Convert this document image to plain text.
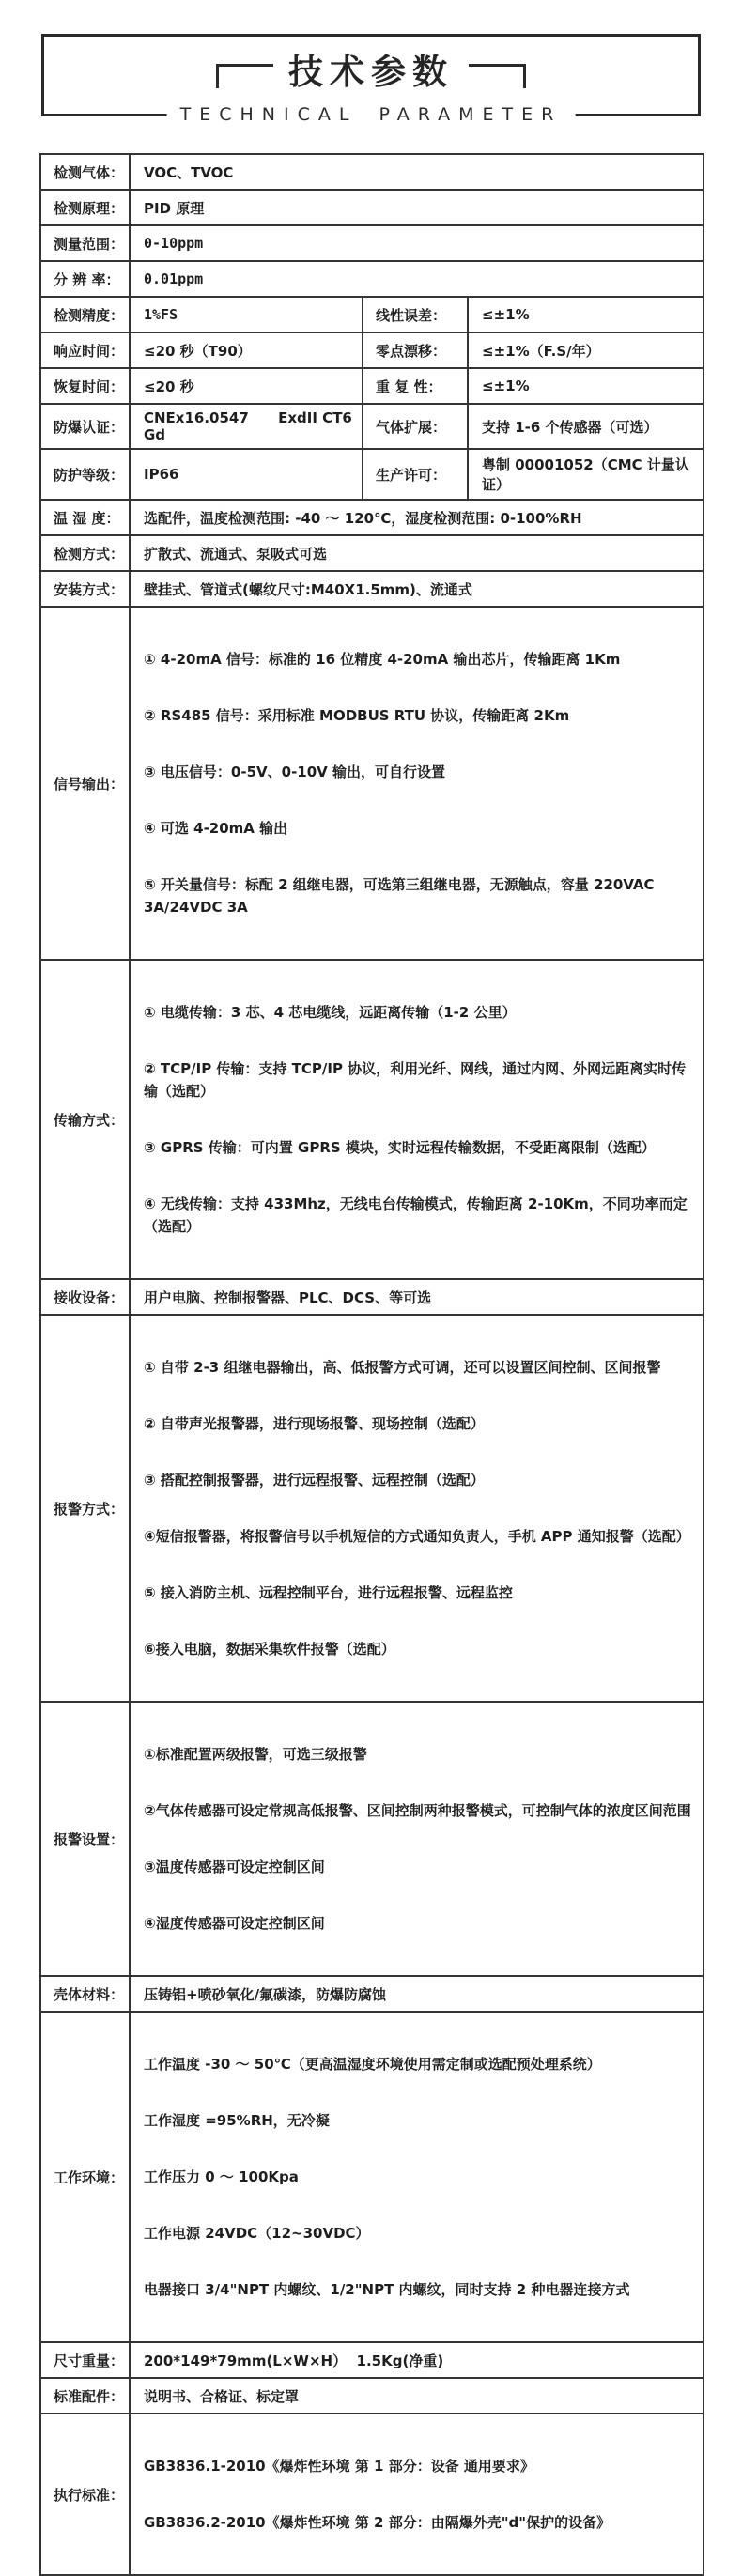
技术参数
TECHNICAL PARAMETER
检测气体：	VOC、TVOC		
检测原理：	PID 原理		
测量范围：	0-10ppm		
分 辨 率：	0.01ppm		
检测精度：	1%FS	线性误差：	≤±1%
响应时间：	≤20 秒（T90）	零点漂移：	≤±1%（F.S/年）
恢复时间：	≤20 秒	重 复 性：	≤±1%
防爆认证：	CNEx16.0547      ExdII CT6 Gd	气体扩展：	支持 1-6 个传感器（可选）
防护等级：	IP66	生产许可：	粤制 00001052（CMC 计量认证）
温 湿 度：	选配件，温度检测范围: -40 ～ 120℃，湿度检测范围: 0-100%RH		
检测方式：	扩散式、流通式、泵吸式可选		
安装方式：	壁挂式、管道式(螺纹尺寸:M40X1.5mm)、流通式		
信号输出：	① 4-20mA 信号：标准的 16 位精度 4-20mA 输出芯片，传输距离 1Km

② RS485 信号：采用标准 MODBUS RTU 协议，传输距离 2Km

③ 电压信号：0-5V、0-10V 输出，可自行设置

④ 可选 4-20mA 输出

⑤ 开关量信号：标配 2 组继电器，可选第三组继电器，无源触点，容量 220VAC 3A/24VDC 3A		

传输方式：	① 电缆传输：3 芯、4 芯电缆线，远距离传输（1-2 公里）

② TCP/IP 传输：支持 TCP/IP 协议，利用光纤、网线，通过内网、外网远距离实时传输（选配）

③ GPRS 传输：可内置 GPRS 模块，实时远程传输数据，不受距离限制（选配）

④ 无线传输：支持 433Mhz，无线电台传输模式，传输距离 2-10Km，不同功率而定（选配）		

接收设备：	用户电脑、控制报警器、PLC、DCS、等可选		
报警方式：	

① 自带 2-3 组继电器输出，高、低报警方式可调，还可以设置区间控制、区间报警

② 自带声光报警器，进行现场报警、现场控制（选配）

③ 搭配控制报警器，进行远程报警、远程控制（选配）

④短信报警器，将报警信号以手机短信的方式通知负责人，手机 APP 通知报警（选配）

⑤ 接入消防主机、远程控制平台，进行远程报警、远程监控

⑥接入电脑，数据采集软件报警（选配）

报警设置：	①标准配置两级报警，可选三级报警

②气体传感器可设定常规高低报警、区间控制两种报警模式，可控制气体的浓度区间范围

③温度传感器可设定控制区间

④湿度传感器可设定控制区间		

壳体材料：	压铸铝+喷砂氧化/氟碳漆，防爆防腐蚀		
工作环境：	工作温度 -30 ～ 50℃（更高温湿度环境使用需定制或选配预处理系统）

工作湿度 =95%RH，无冷凝

工作压力 0 ～ 100Kpa

工作电源 24VDC（12~30VDC）

电器接口 3/4"NPT 内螺纹、1/2"NPT 内螺纹，同时支持 2 种电器连接方式		

尺寸重量：	200*149*79mm(L×W×H）  1.5Kg(净重)		
标准配件：	说明书、合格证、标定罩		
执行标准：	GB3836.1-2010《爆炸性环境 第 1 部分：设备 通用要求》

GB3836.2-2010《爆炸性环境 第 2 部分：由隔爆外壳"d"保护的设备》		
